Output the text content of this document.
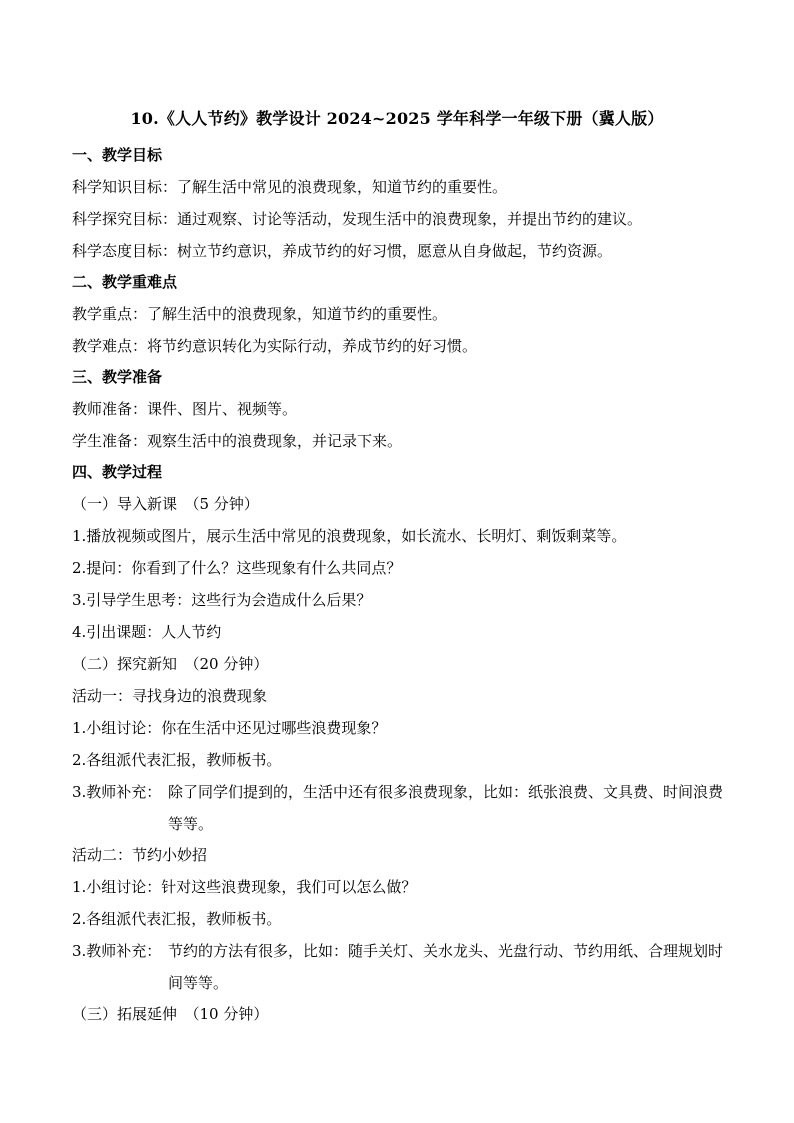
10.《人人节约》教学设计 2024~2025 学年科学一年级下册（冀人版）
一、教学目标
科学知识目标：了解生活中常见的浪费现象，知道节约的重要性。
科学探究目标：通过观察、讨论等活动，发现生活中的浪费现象，并提出节约的建议。
科学态度目标：树立节约意识，养成节约的好习惯，愿意从自身做起，节约资源。
二、教学重难点
教学重点：了解生活中的浪费现象，知道节约的重要性。
教学难点：将节约意识转化为实际行动，养成节约的好习惯。
三、教学准备
教师准备：课件、图片、视频等。
学生准备：观察生活中的浪费现象，并记录下来。
四、教学过程
（一）导入新课　（5 分钟）
1.播放视频或图片，展示生活中常见的浪费现象，如长流水、长明灯、剩饭剩菜等。
2.提问：你看到了什么？这些现象有什么共同点？
3.引导学生思考：这些行为会造成什么后果？
4.引出课题：人人节约
（二）探究新知　（20 分钟）
活动一：寻找身边的浪费现象
1.小组讨论：你在生活中还见过哪些浪费现象？
2.各组派代表汇报，教师板书。
3.教师补充： 除了同学们提到的，生活中还有很多浪费现象，比如：纸张浪费、文具费、时间浪费等等。
活动二：节约小妙招
1.小组讨论：针对这些浪费现象，我们可以怎么做？
2.各组派代表汇报，教师板书。
3.教师补充： 节约的方法有很多，比如：随手关灯、关水龙头、光盘行动、节约用纸、合理规划时间等等。
（三）拓展延伸　（10 分钟）
